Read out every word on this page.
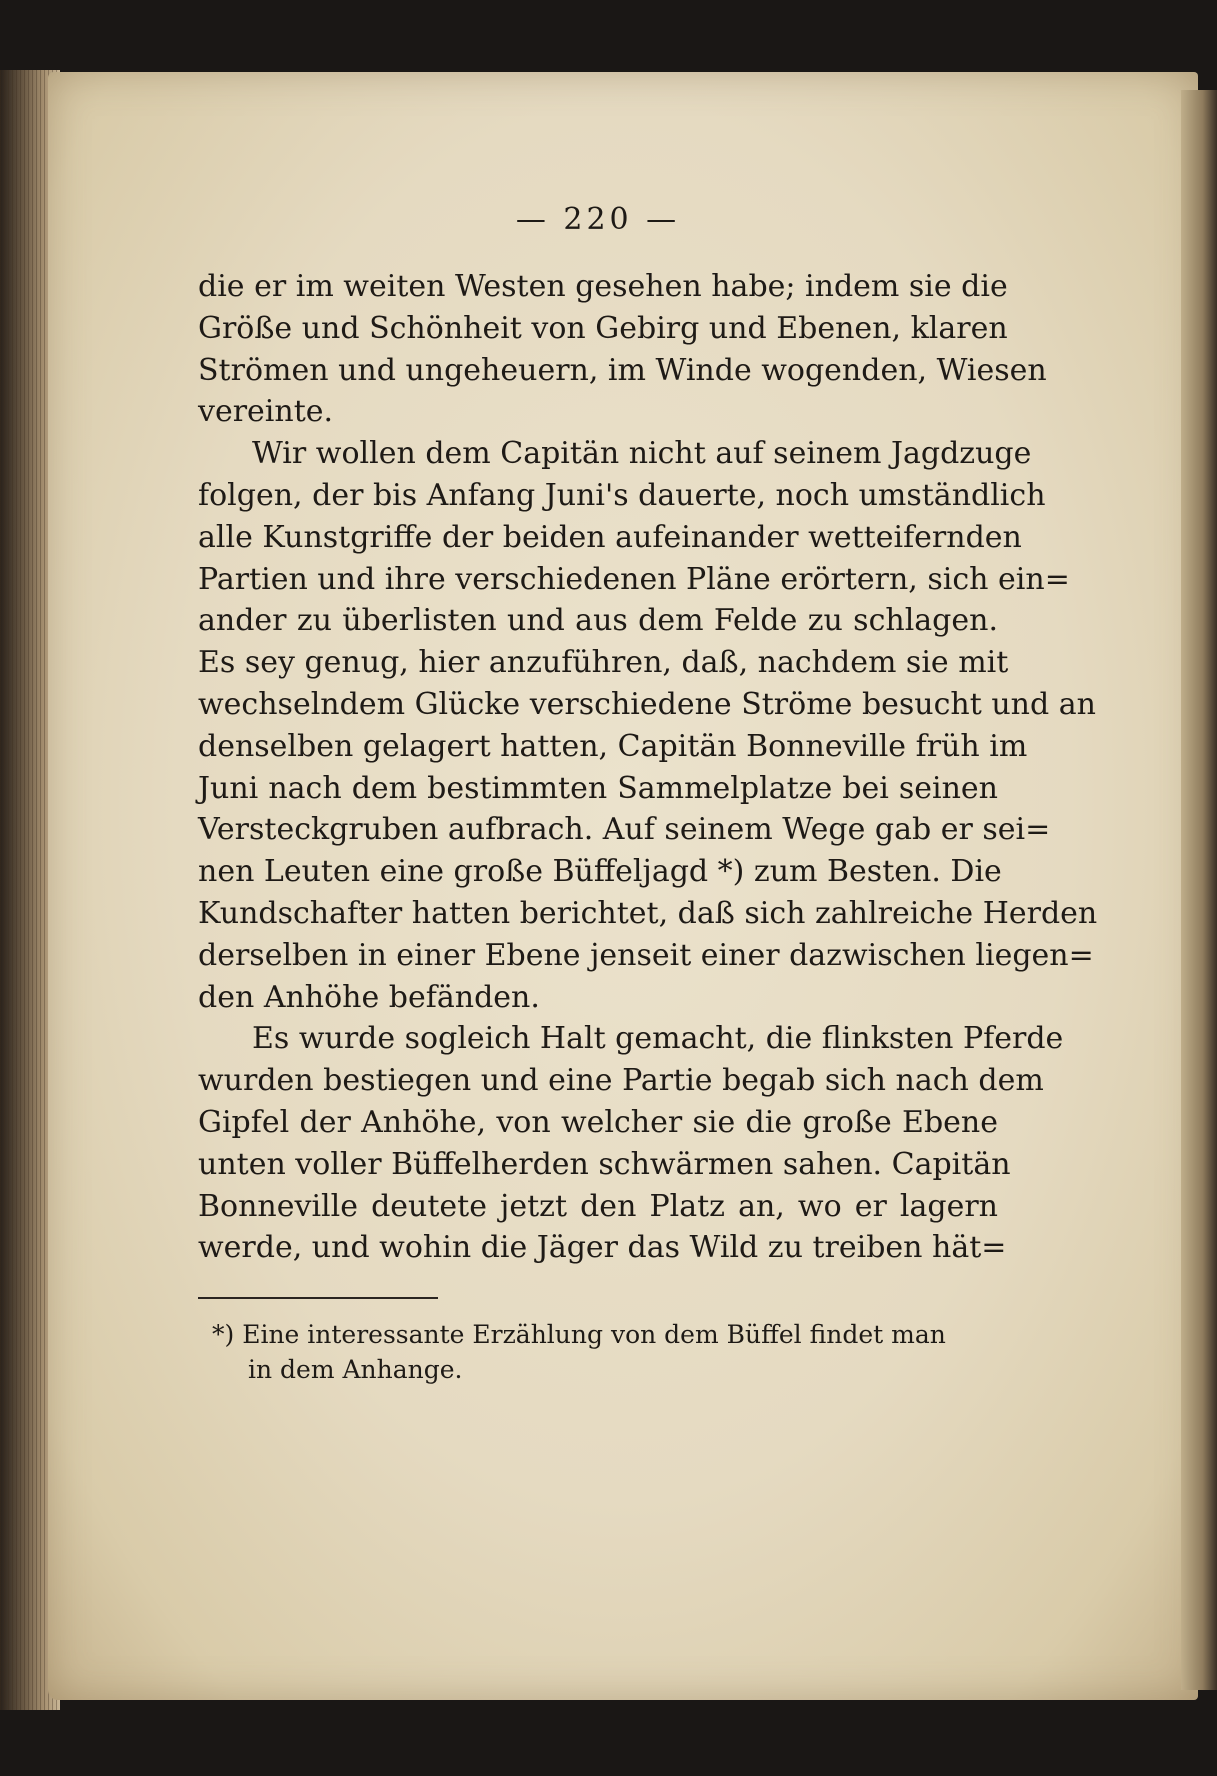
— 220 —
die er im weiten Westen gesehen habe; indem sie die
Größe und Schönheit von Gebirg und Ebenen, klaren
Strömen und ungeheuern, im Winde wogenden, Wiesen
vereinte.
Wir wollen dem Capitän nicht auf seinem Jagdzuge
folgen, der bis Anfang Juni's dauerte, noch umständlich
alle Kunstgriffe der beiden aufeinander wetteifernden
Partien und ihre verschiedenen Pläne erörtern, sich ein=
ander zu überlisten und aus dem Felde zu schlagen.
Es sey genug, hier anzuführen, daß, nachdem sie mit
wechselndem Glücke verschiedene Ströme besucht und an
denselben gelagert hatten, Capitän Bonneville früh im
Juni nach dem bestimmten Sammelplatze bei seinen
Versteckgruben aufbrach. Auf seinem Wege gab er sei=
nen Leuten eine große Büffeljagd *) zum Besten. Die
Kundschafter hatten berichtet, daß sich zahlreiche Herden
derselben in einer Ebene jenseit einer dazwischen liegen=
den Anhöhe befänden.
Es wurde sogleich Halt gemacht, die flinksten Pferde
wurden bestiegen und eine Partie begab sich nach dem
Gipfel der Anhöhe, von welcher sie die große Ebene
unten voller Büffelherden schwärmen sahen. Capitän
Bonneville deutete jetzt den Platz an, wo er lagern
werde, und wohin die Jäger das Wild zu treiben hät=
*) Eine interessante Erzählung von dem Büffel findet man
in dem Anhange.
